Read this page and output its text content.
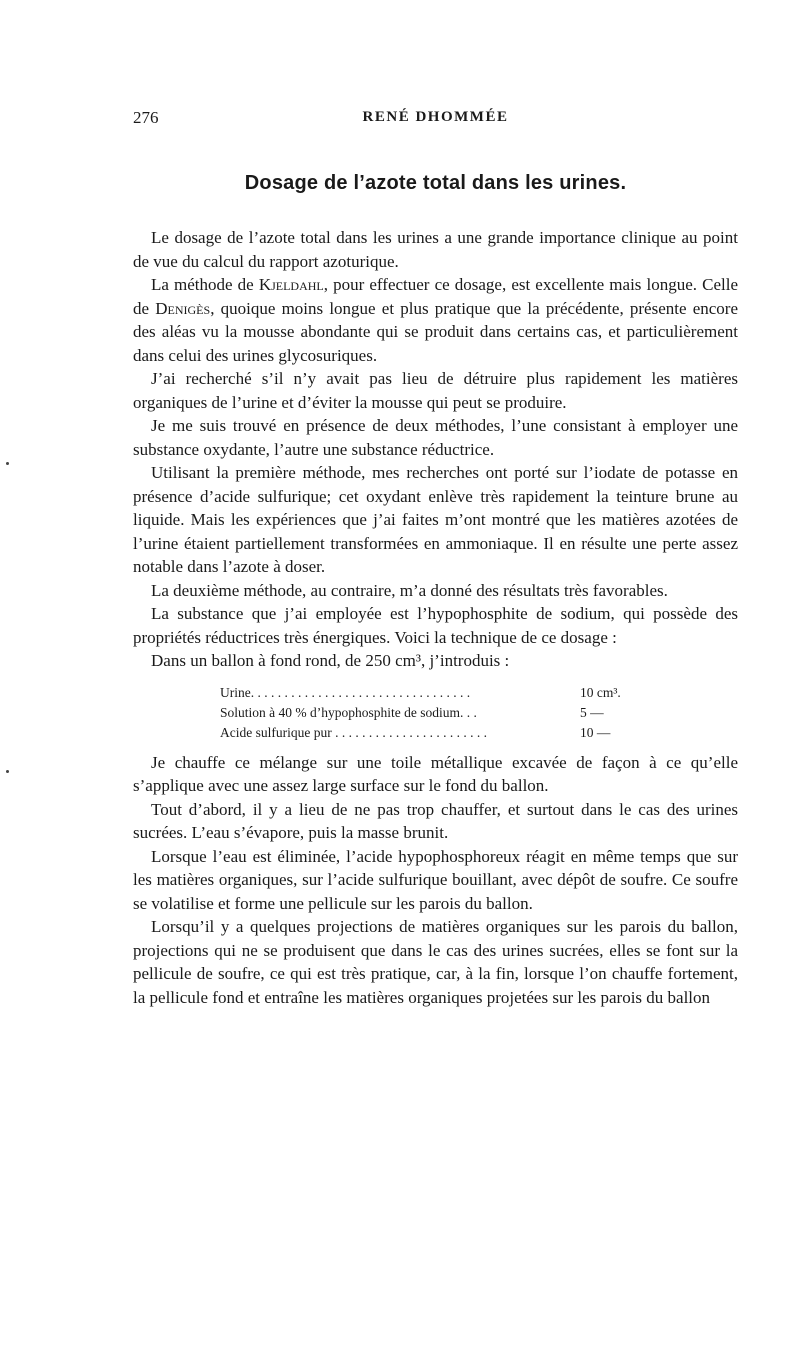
276	RENÉ DHOMMÉE
Dosage de l’azote total dans les urines.

Le dosage de l’azote total dans les urines a une grande importance clinique au point de vue du calcul du rapport azoturique.

La méthode de Kjeldahl, pour effectuer ce dosage, est excellente mais longue. Celle de Denigès, quoique moins longue et plus pratique que la précédente, présente encore des aléas vu la mousse abondante qui se produit dans certains cas, et particulièrement dans celui des urines glycosuriques.

J’ai recherché s’il n’y avait pas lieu de détruire plus rapidement les matières organiques de l’urine et d’éviter la mousse qui peut se produire.

Je me suis trouvé en présence de deux méthodes, l’une consistant à employer une substance oxydante, l’autre une substance réductrice.

Utilisant la première méthode, mes recherches ont porté sur l’iodate de potasse en présence d’acide sulfurique; cet oxydant enlève très rapidement la teinture brune au liquide. Mais les expériences que j’ai faites m’ont montré que les matières azotées de l’urine étaient partiellement transformées en ammoniaque. Il en résulte une perte assez notable dans l’azote à doser.

La deuxième méthode, au contraire, m’a donné des résultats très favorables.

La substance que j’ai employée est l’hypophosphite de sodium, qui possède des propriétés réductrices très énergiques. Voici la technique de ce dosage :

Dans un ballon à fond rond, de 250 cm³, j’introduis :

Urine. . . . . . . . . . . . . . . . . . . . . . . . . . . . . . . . .	10 cm³.
Solution à 40 % d’hypophosphite de sodium. . .	5 —
Acide sulfurique pur . . . . . . . . . . . . . . . . . . . . . . .	10 —

Je chauffe ce mélange sur une toile métallique excavée de façon à ce qu’elle s’applique avec une assez large surface sur le fond du ballon.

Tout d’abord, il y a lieu de ne pas trop chauffer, et surtout dans le cas des urines sucrées. L’eau s’évapore, puis la masse brunit.

Lorsque l’eau est éliminée, l’acide hypophosphoreux réagit en même temps que sur les matières organiques, sur l’acide sulfurique bouillant, avec dépôt de soufre. Ce soufre se volatilise et forme une pellicule sur les parois du ballon.

Lorsqu’il y a quelques projections de matières organiques sur les parois du ballon, projections qui ne se produisent que dans le cas des urines sucrées, elles se font sur la pellicule de soufre, ce qui est très pratique, car, à la fin, lorsque l’on chauffe fortement, la pellicule fond et entraîne les matières organiques projetées sur les parois du ballon
